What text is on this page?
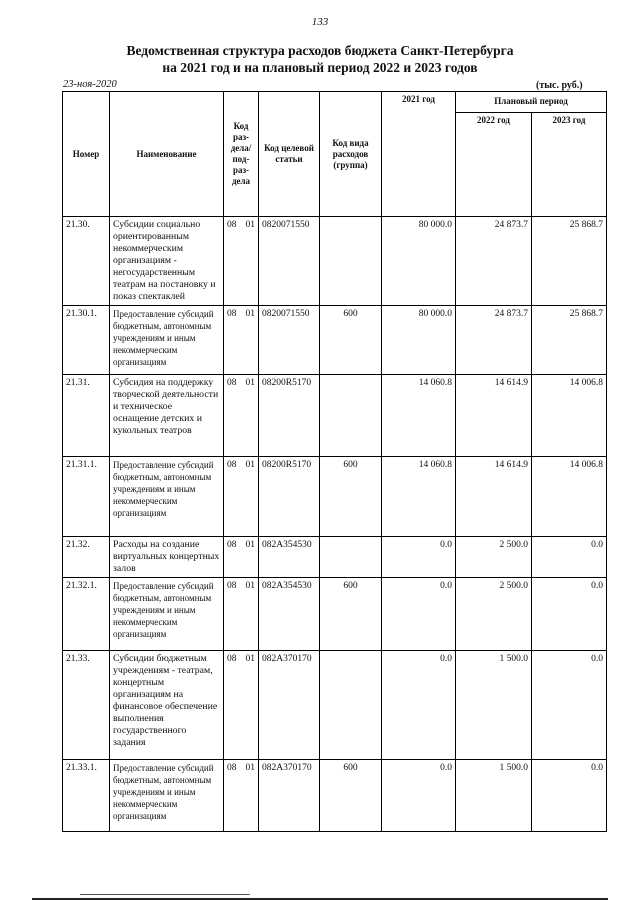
133
Ведомственная структура расходов бюджета Санкт-Петербурга
на 2021 год и на плановый период 2022 и 2023 годов
23-ноя-2020	(тыс. руб.)
Номер	Наименование	Код раз-дела/ под-раз-дела	Код целевой статьи	Код вида расходов (группа)	2021 год	Плановый период	
						2022 год	2023 год
21.30.	Субсидии социально ориентированным некоммерческим организациям - негосударственным театрам на постановку и показ спектаклей	08 01	0820071550		80 000.0	24 873.7	25 868.7
21.30.1.	Предоставление субсидий бюджетным, автономным учреждениям и иным некоммерческим организациям	08 01	0820071550	600	80 000.0	24 873.7	25 868.7
21.31.	Субсидия на поддержку творческой деятельности и техническое оснащение детских и кукольных театров	08 01	08200R5170		14 060.8	14 614.9	14 006.8
21.31.1.	Предоставление субсидий бюджетным, автономным учреждениям и иным некоммерческим организациям	08 01	08200R5170	600	14 060.8	14 614.9	14 006.8
21.32.	Расходы на создание виртуальных концертных залов	08 01	082A354530		0.0	2 500.0	0.0
21.32.1.	Предоставление субсидий бюджетным, автономным учреждениям и иным некоммерческим организациям	08 01	082A354530	600	0.0	2 500.0	0.0
21.33.	Субсидии бюджетным учреждениям - театрам, концертным организациям на финансовое обеспечение выполнения государственного задания	08 01	082A370170		0.0	1 500.0	0.0
21.33.1.	Предоставление субсидий бюджетным, автономным учреждениям и иным некоммерческим организациям	08 01	082A370170	600	0.0	1 500.0	0.0
